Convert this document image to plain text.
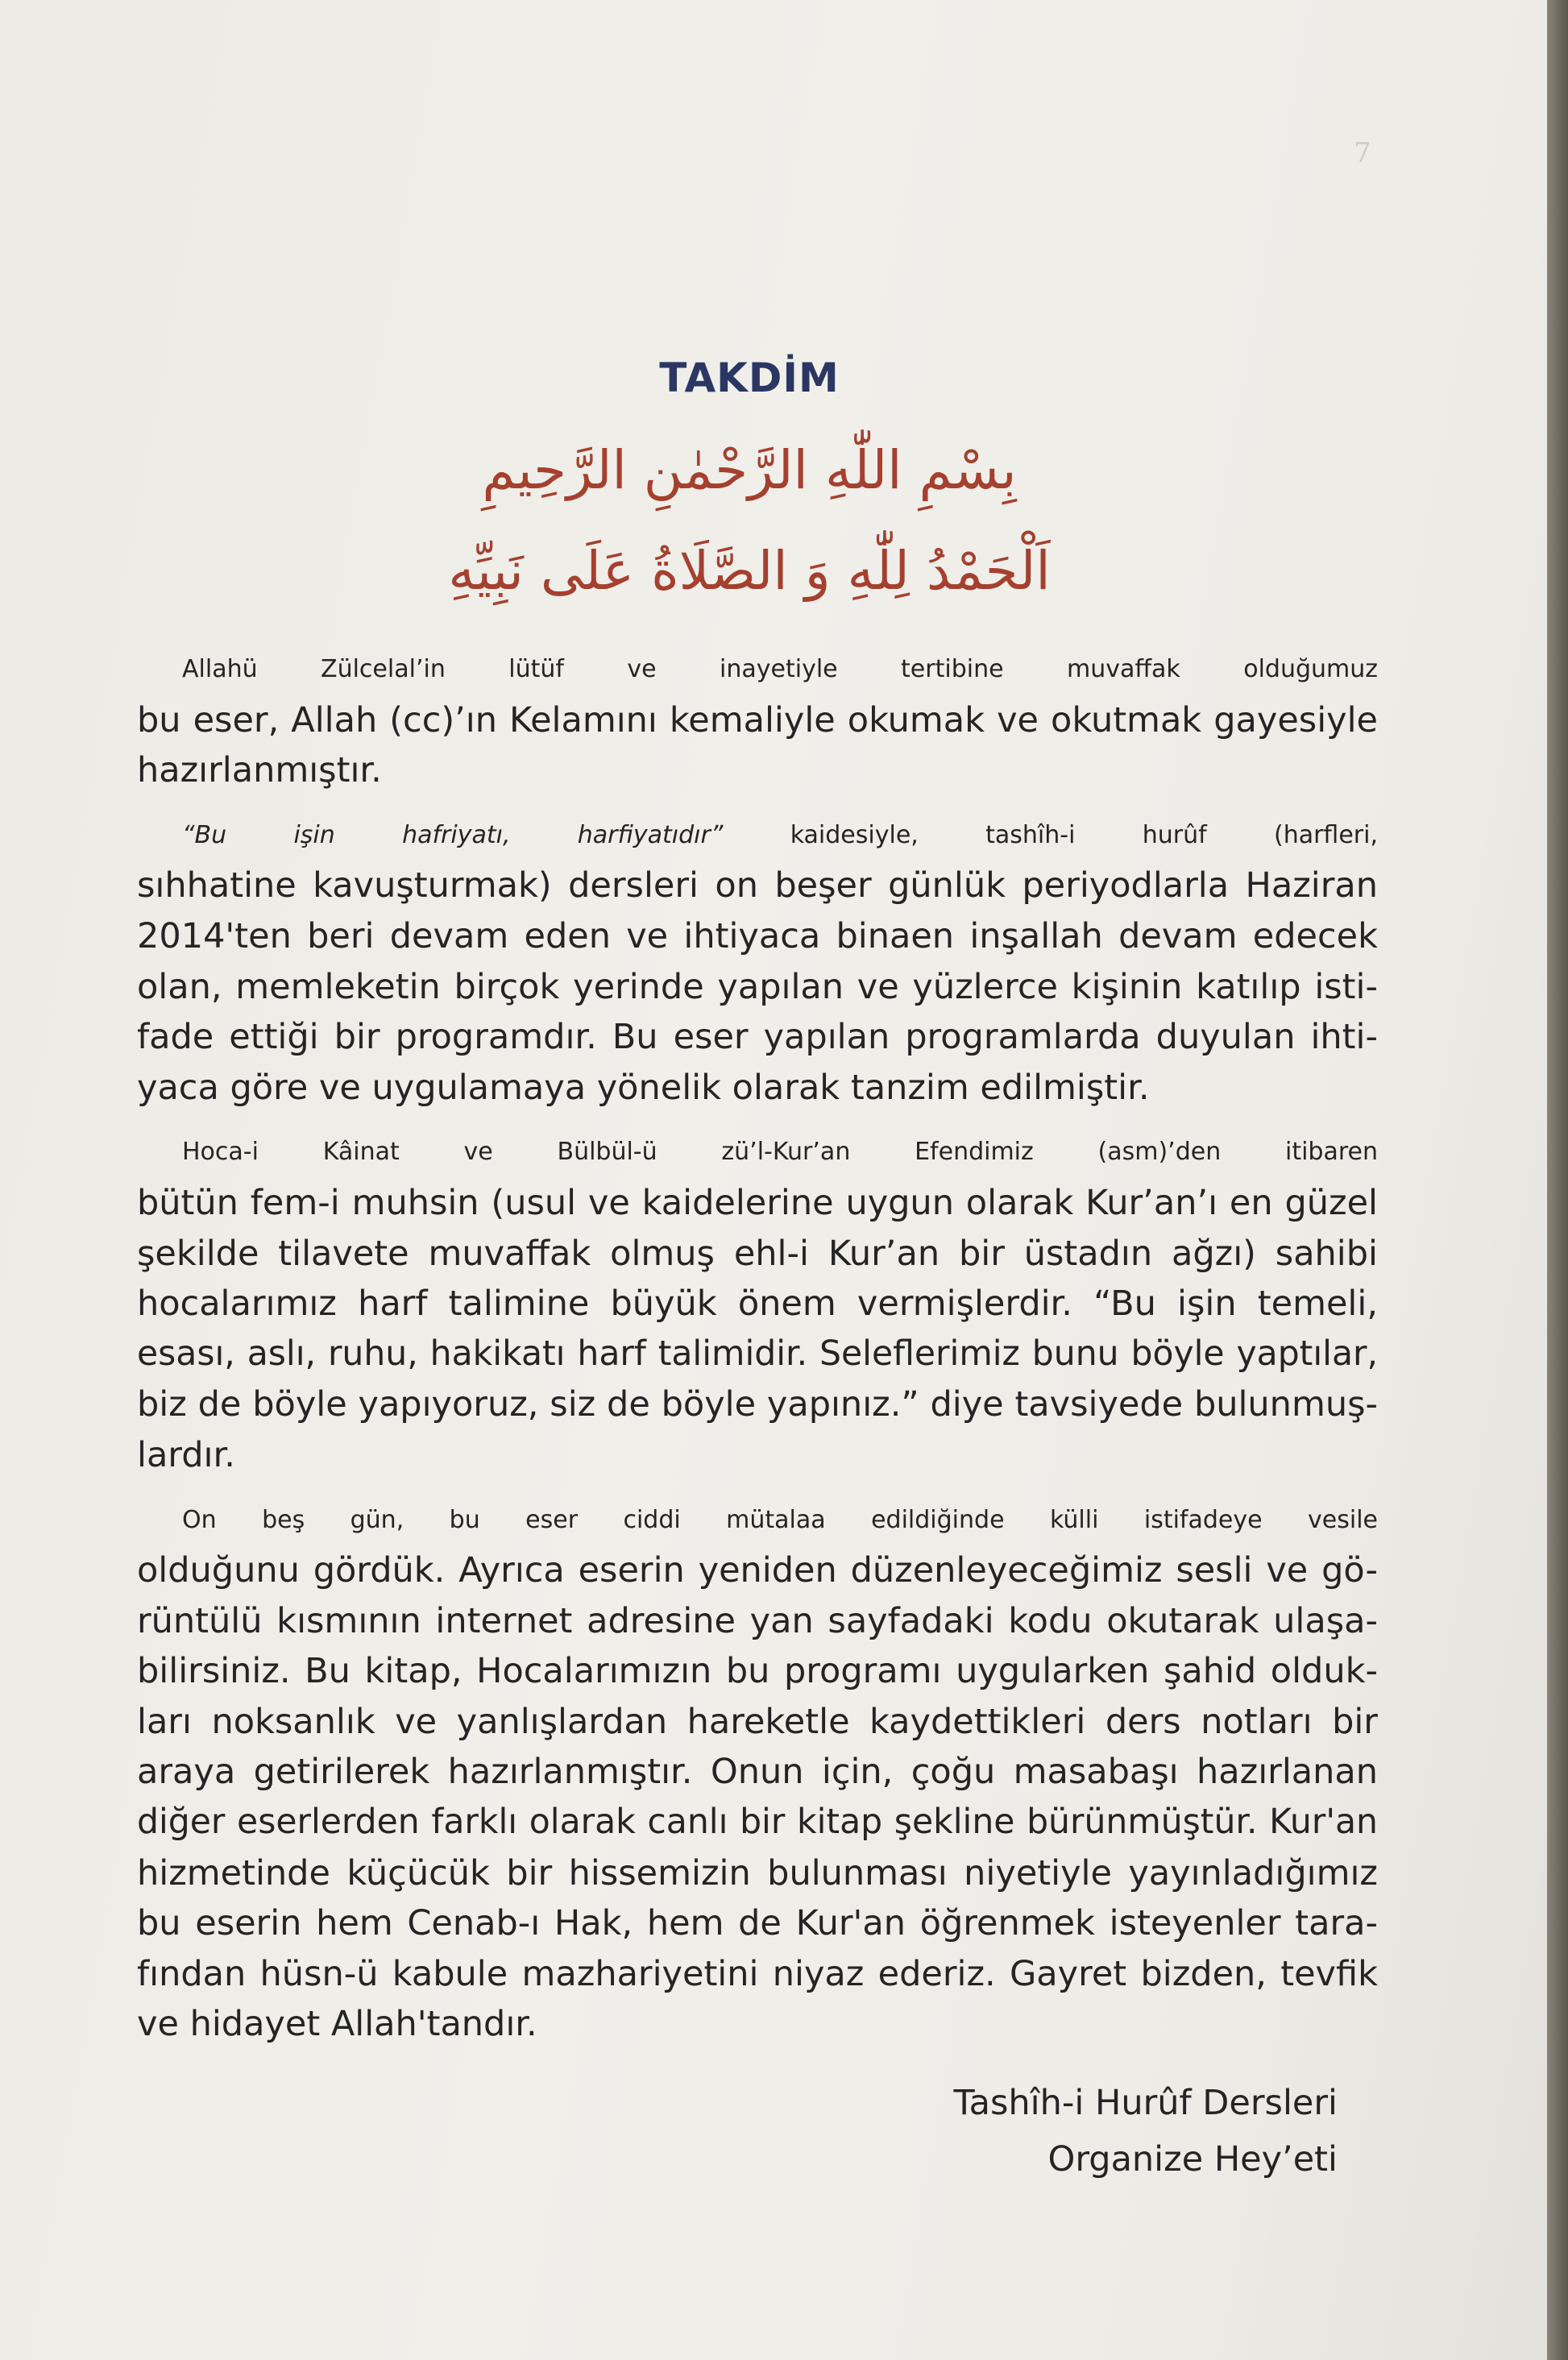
7
TAKDİM
بِسْمِ اللّٰهِ الرَّحْمٰنِ الرَّحِيمِ
اَلْحَمْدُ لِلّٰهِ وَ الصَّلَاةُ عَلَى نَبِيِّهِ

Allahü Zülcelal’in lütüf ve inayetiyle tertibine muvaffak olduğumuz
bu eser, Allah (cc)’ın Kelamını kemaliyle okumak ve okutmak gayesiyle
hazırlanmıştır.

“Bu işin hafriyatı, harfiyatıdır” kaidesiyle, tashîh-i hurûf (harfleri,
sıhhatine kavuşturmak) dersleri on beşer günlük periyodlarla Haziran
2014'ten beri devam eden ve ihtiyaca binaen inşallah devam edecek
olan, memleketin birçok yerinde yapılan ve yüzlerce kişinin katılıp isti-
fade ettiği bir programdır. Bu eser yapılan programlarda duyulan ihti-
yaca göre ve uygulamaya yönelik olarak tanzim edilmiştir.

Hoca-i Kâinat ve Bülbül-ü zü’l-Kur’an Efendimiz (asm)’den itibaren
bütün fem-i muhsin (usul ve kaidelerine uygun olarak Kur’an’ı en güzel
şekilde tilavete muvaffak olmuş ehl-i Kur’an bir üstadın ağzı) sahibi
hocalarımız harf talimine büyük önem vermişlerdir. “Bu işin temeli,
esası, aslı, ruhu, hakikatı harf talimidir. Seleflerimiz bunu böyle yaptılar,
biz de böyle yapıyoruz, siz de böyle yapınız.” diye tavsiyede bulunmuş-
lardır.

On beş gün, bu eser ciddi mütalaa edildiğinde külli istifadeye vesile
olduğunu gördük. Ayrıca eserin yeniden düzenleyeceğimiz sesli ve gö-
rüntülü kısmının internet adresine yan sayfadaki kodu okutarak ulaşa-
bilirsiniz. Bu kitap, Hocalarımızın bu programı uygularken şahid olduk-
ları noksanlık ve yanlışlardan hareketle kaydettikleri ders notları bir
araya getirilerek hazırlanmıştır. Onun için, çoğu masabaşı hazırlanan
diğer eserlerden farklı olarak canlı bir kitap şekline bürünmüştür. Kur'an
hizmetinde küçücük bir hissemizin bulunması niyetiyle yayınladığımız
bu eserin hem Cenab-ı Hak, hem de Kur'an öğrenmek isteyenler tara-
fından hüsn-ü kabule mazhariyetini niyaz ederiz. Gayret bizden, tevfik
ve hidayet Allah'tandır.

Tashîh-i Hurûf Dersleri
Organize Hey’eti
